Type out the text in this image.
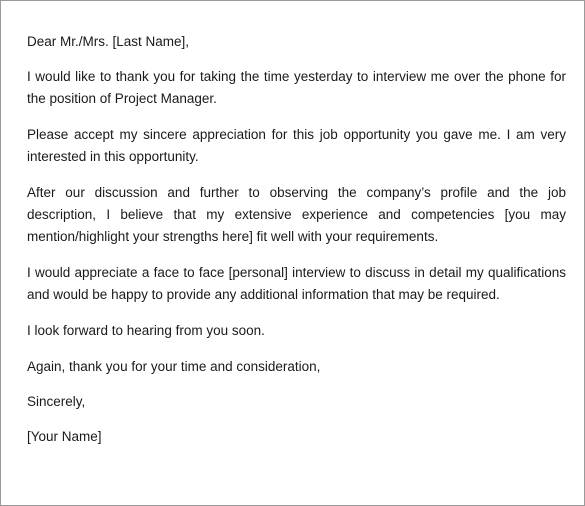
Dear Mr./Mrs. [Last Name],

I would like to thank you for taking the time yesterday to interview me over the phone for the position of Project Manager.

Please accept my sincere appreciation for this job opportunity you gave me. I am very interested in this opportunity.

After our discussion and further to observing the company’s profile and the job description, I believe that my extensive experience and competencies [you may mention/highlight your strengths here] fit well with your requirements.

I would appreciate a face to face [personal] interview to discuss in detail my qualifications and would be happy to provide any additional information that may be required.

I look forward to hearing from you soon.

Again, thank you for your time and consideration,

Sincerely,

[Your Name]
